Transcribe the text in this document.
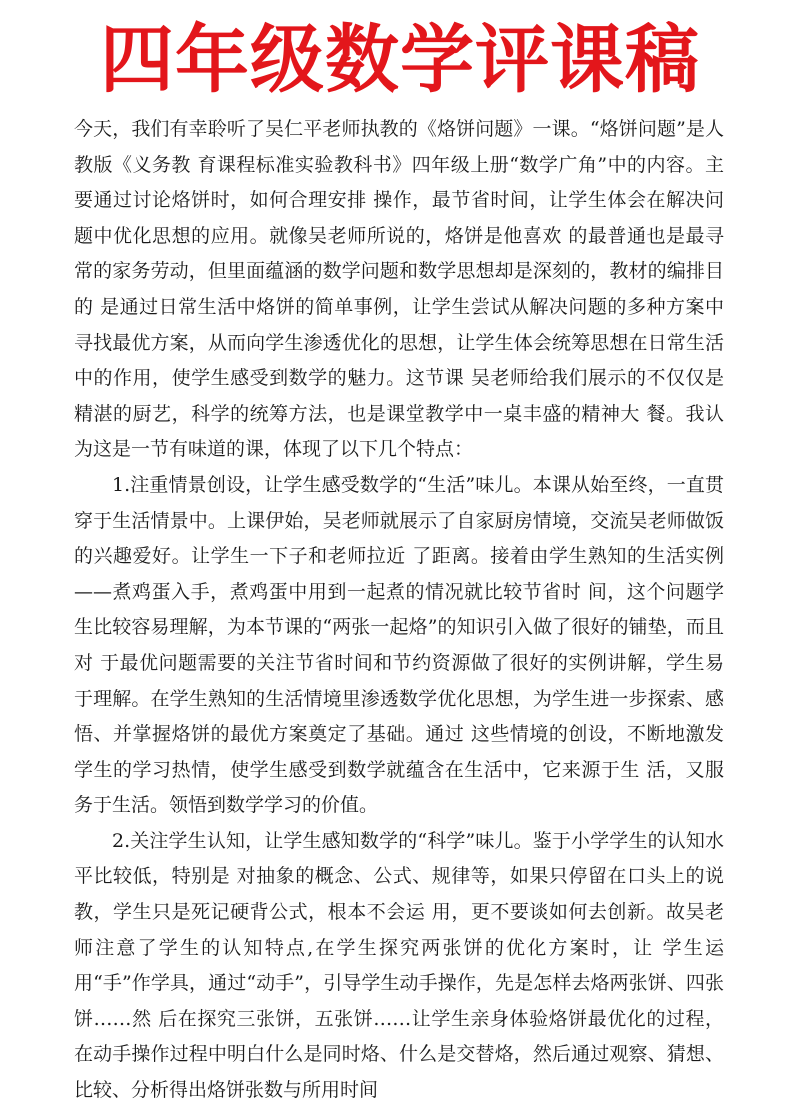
四年级数学评课稿

今天，我们有幸聆听了吴仁平老师执教的《烙饼问题》一课。“烙饼问题”是人教版《义务教 育课程标准实验教科书》四年级上册“数学广角”中的内容。主要通过讨论烙饼时，如何合理安排 操作，最节省时间，让学生体会在解决问题中优化思想的应用。就像吴老师所说的，烙饼是他喜欢 的最普通也是最寻常的家务劳动，但里面蕴涵的数学问题和数学思想却是深刻的，教材的编排目的 是通过日常生活中烙饼的简单事例，让学生尝试从解决问题的多种方案中寻找最优方案，从而向学生渗透优化的思想，让学生体会统筹思想在日常生活中的作用，使学生感受到数学的魅力。这节课 吴老师给我们展示的不仅仅是精湛的厨艺，科学的统筹方法，也是课堂教学中一桌丰盛的精神大 餐。我认为这是一节有味道的课，体现了以下几个特点：

1.注重情景创设，让学生感受数学的“生活”味儿。本课从始至终，一直贯穿于生活情景中。上课伊始，吴老师就展示了自家厨房情境，交流吴老师做饭的兴趣爱好。让学生一下子和老师拉近 了距离。接着由学生熟知的生活实例——煮鸡蛋入手，煮鸡蛋中用到一起煮的情况就比较节省时 间，这个问题学生比较容易理解，为本节课的“两张一起烙”的知识引入做了很好的铺垫，而且对 于最优问题需要的关注节省时间和节约资源做了很好的实例讲解，学生易于理解。在学生熟知的生活情境里渗透数学优化思想，为学生进一步探索、感悟、并掌握烙饼的最优方案奠定了基础。通过 这些情境的创设，不断地激发学生的学习热情，使学生感受到数学就蕴含在生活中，它来源于生 活，又服务于生活。领悟到数学学习的价值。

2.关注学生认知，让学生感知数学的“科学”味儿。鉴于小学学生的认知水平比较低，特别是 对抽象的概念、公式、规律等，如果只停留在口头上的说教，学生只是死记硬背公式，根本不会运 用，更不要谈如何去创新。故吴老师注意了学生的认知特点,在学生探究两张饼的优化方案时，让 学生运用“手”作学具，通过“动手”，引导学生动手操作，先是怎样去烙两张饼、四张饼……然 后在探究三张饼，五张饼……让学生亲身体验烙饼最优化的过程，在动手操作过程中明白什么是同时烙、什么是交替烙，然后通过观察、猜想、比较、分析得出烙饼张数与所用时间
